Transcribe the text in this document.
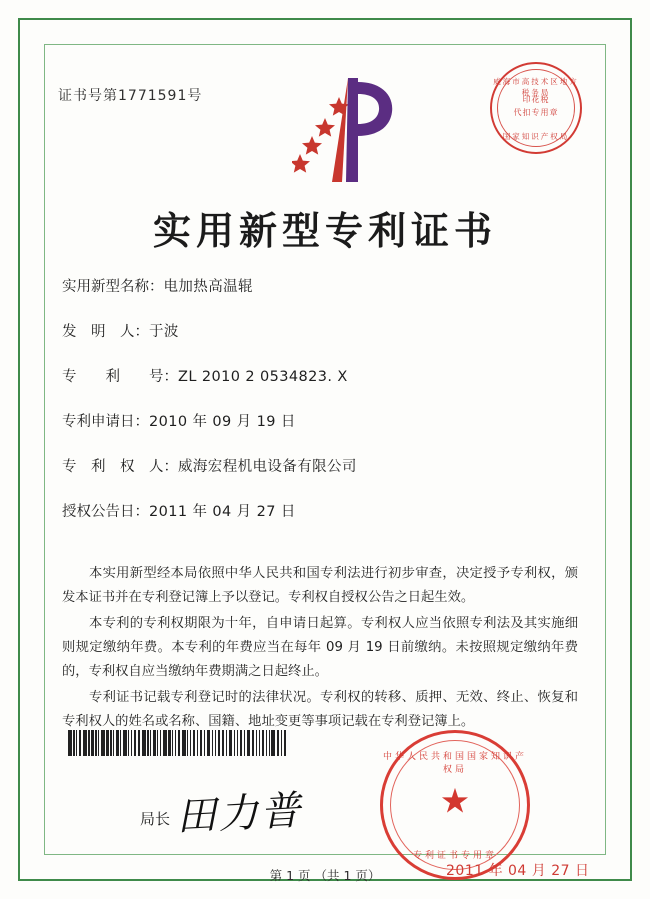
证书号第1771591号
威海市高技术区地方税务局
印花税
代扣专用章
国家知识产权局
实用新型专利证书
实用新型名称：电加热高温辊
发　明　人：于波
专　　利　　号：ZL 2010 2 0534823. X
专利申请日：2010 年 09 月 19 日
专　利　权　人：威海宏程机电设备有限公司
授权公告日：2011 年 04 月 27 日
本实用新型经本局依照中华人民共和国专利法进行初步审查，决定授予专利权，颁发本证书并在专利登记簿上予以登记。专利权自授权公告之日起生效。
本专利的专利权期限为十年，自申请日起算。专利权人应当依照专利法及其实施细则规定缴纳年费。本专利的年费应当在每年 09 月 19 日前缴纳。未按照规定缴纳年费的，专利权自应当缴纳年费期满之日起终止。
专利证书记载专利登记时的法律状况。专利权的转移、质押、无效、终止、恢复和专利权人的姓名或名称、国籍、地址变更等事项记载在专利登记簿上。
局长 田力普
中华人民共和国国家知识产权局
★
专利证书专用章
2011 年 04 月 27 日
第 1 页 （共 1 页）
